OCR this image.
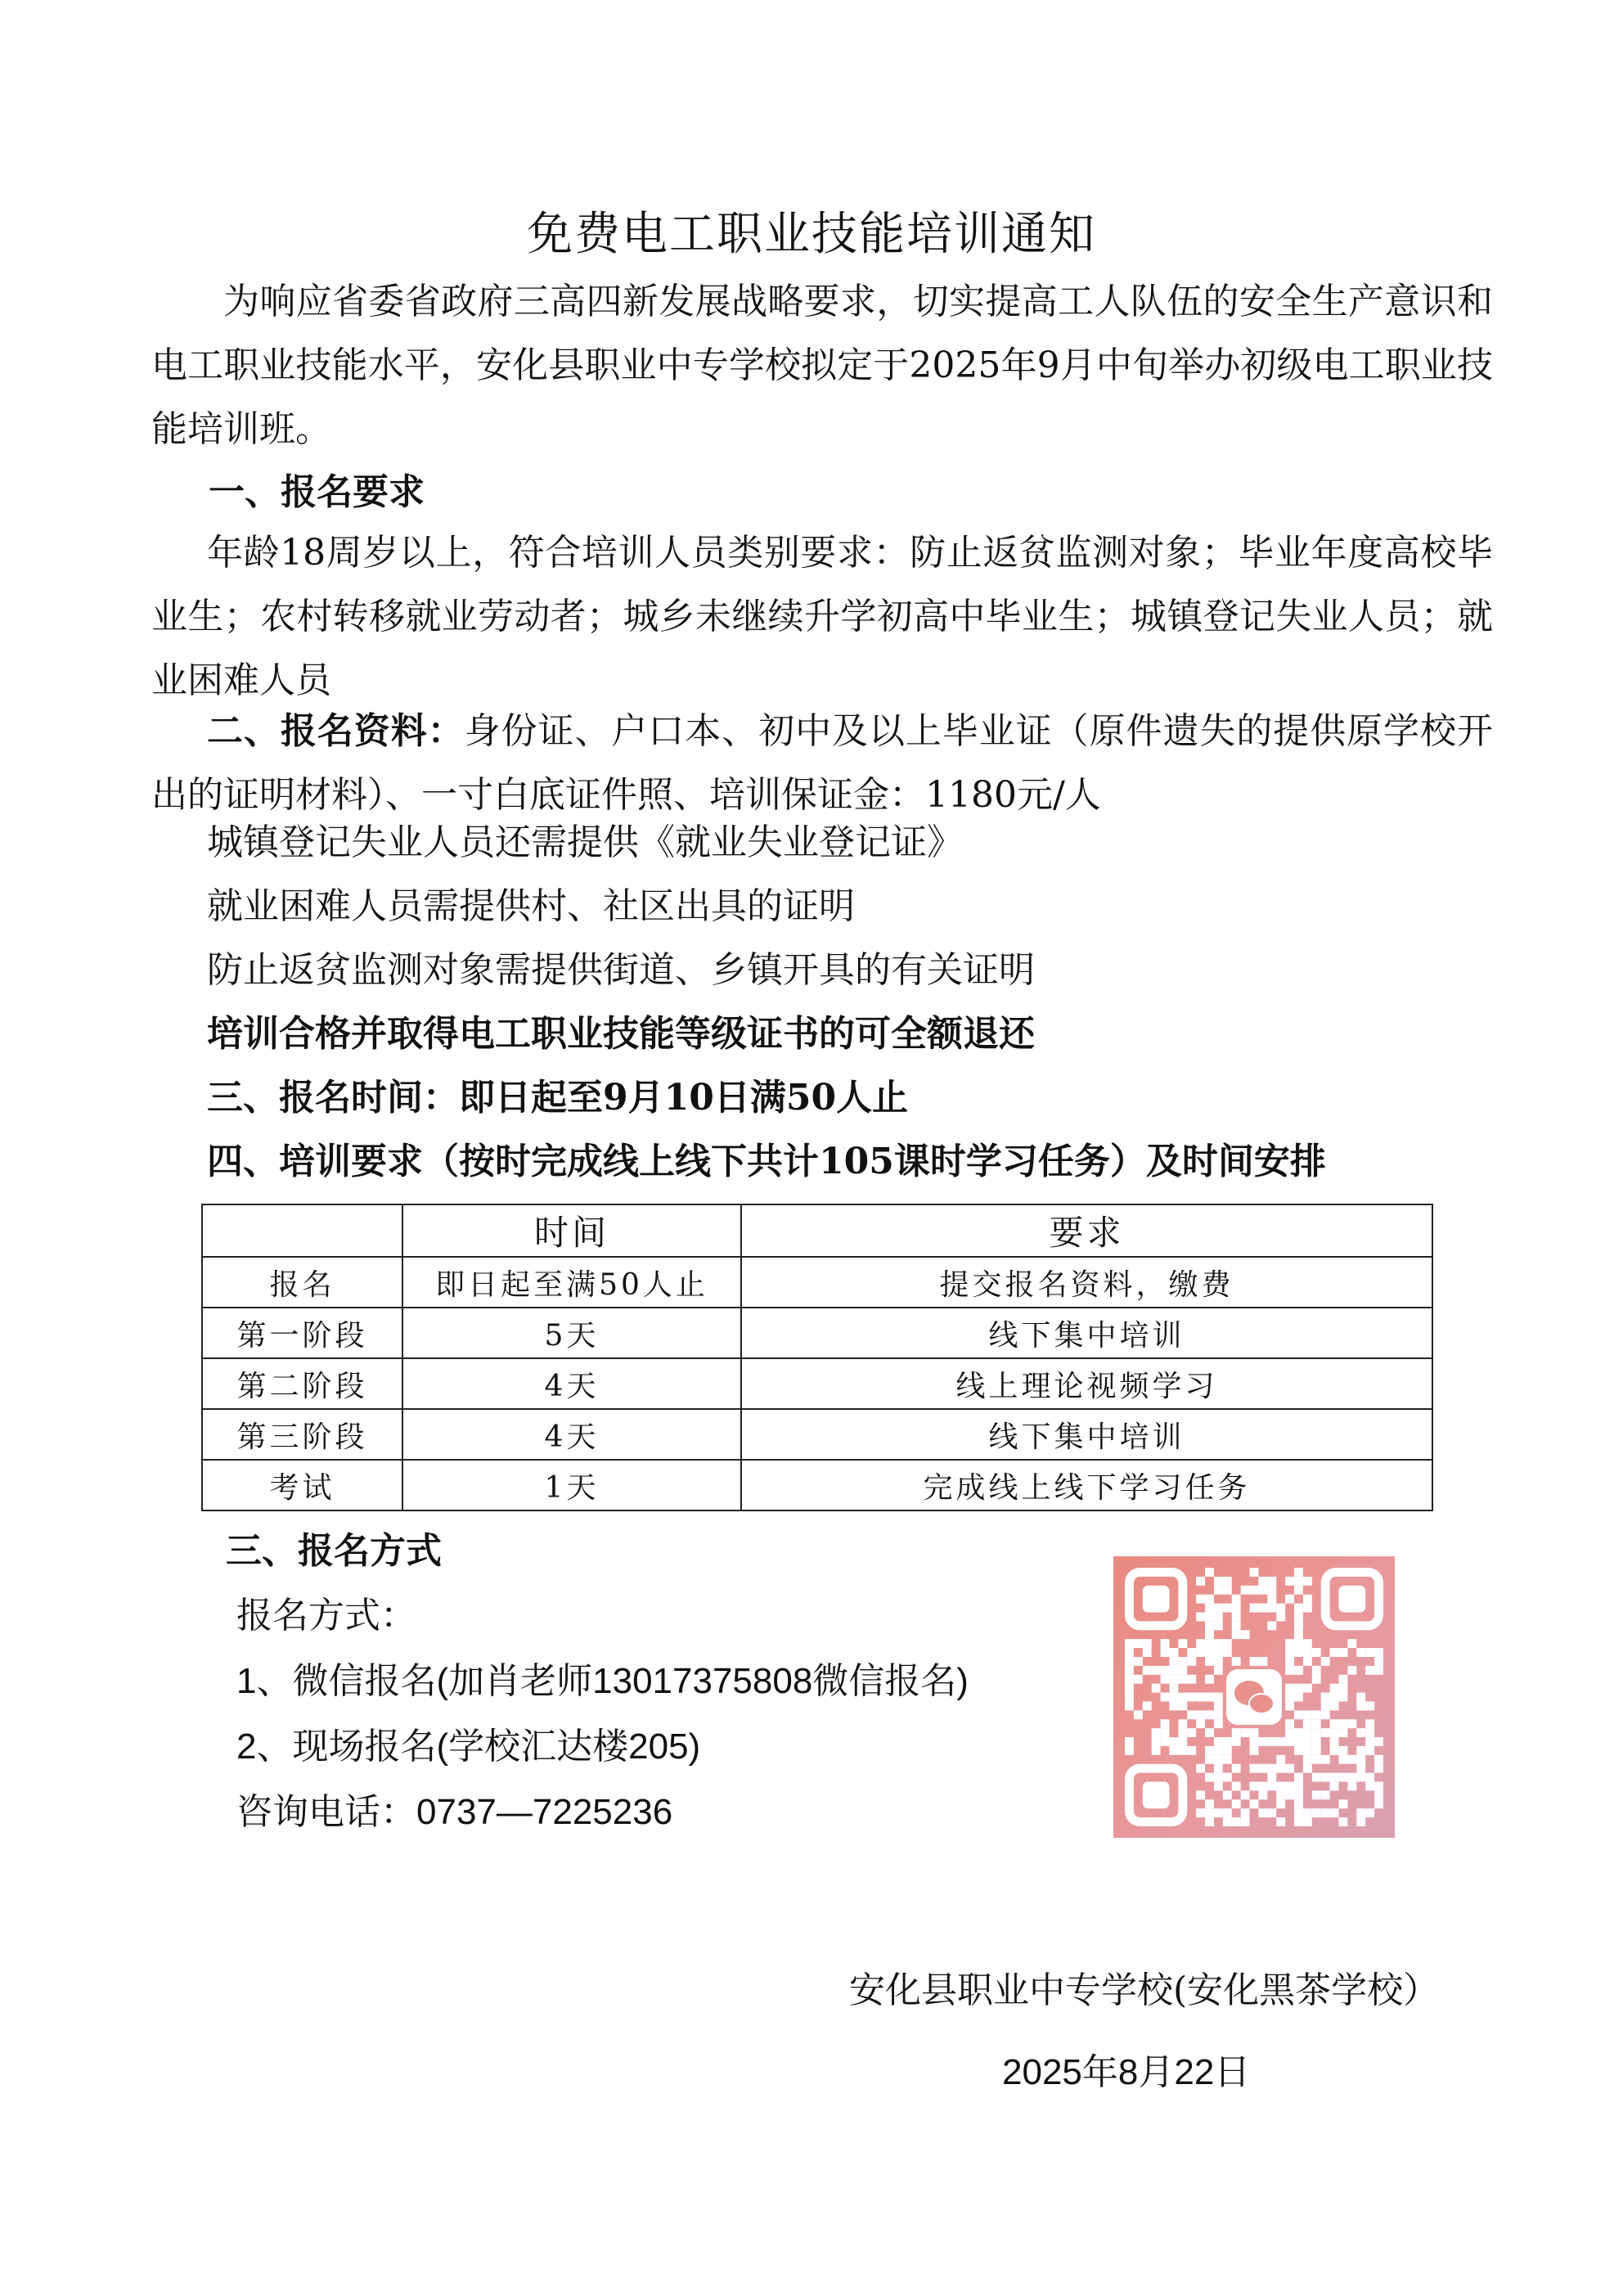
免费电工职业技能培训通知
为响应省委省政府三高四新发展战略要求，切实提高工人队伍的安全生产意识和电工职业技能水平，安化县职业中专学校拟定于2025年9月中旬举办初级电工职业技能培训班。
一、报名要求
年龄18周岁以上，符合培训人员类别要求：防止返贫监测对象；毕业年度高校毕业生；农村转移就业劳动者；城乡未继续升学初高中毕业生；城镇登记失业人员；就业困难人员
二、报名资料：身份证、户口本、初中及以上毕业证（原件遗失的提供原学校开出的证明材料）、一寸白底证件照、培训保证金：1180元/人
城镇登记失业人员还需提供《就业失业登记证》
就业困难人员需提供村、社区出具的证明
防止返贫监测对象需提供街道、乡镇开具的有关证明
培训合格并取得电工职业技能等级证书的可全额退还
三、报名时间：即日起至9月10日满50人止
四、培训要求（按时完成线上线下共计105课时学习任务）及时间安排
	时间	要求
报名	即日起至满50人止	提交报名资料，缴费
第一阶段	5天	线下集中培训
第二阶段	4天	线上理论视频学习
第三阶段	4天	线下集中培训
考试	1天	完成线上线下学习任务
三、报名方式
报名方式：
1、微信报名(加肖老师13017375808微信报名)
2、现场报名(学校汇达楼205)
咨询电话：0737—7225236
安化县职业中专学校(安化黑茶学校）
2025年8月22日
